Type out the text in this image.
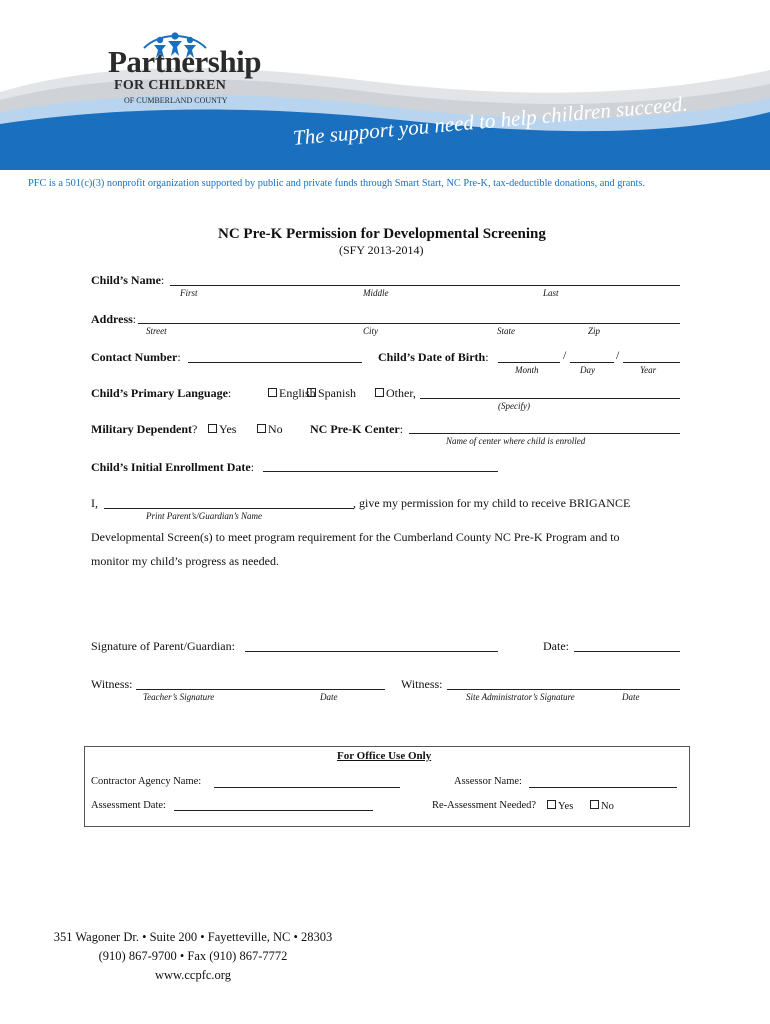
Partnership
FOR CHILDREN
OF CUMBERLAND COUNTY	The support you need to help children succeed.
PFC is a 501(c)(3) nonprofit organization supported by public and private funds through Smart Start, NC Pre-K, tax-deductible donations, and grants.
NC Pre-K Permission for Developmental Screening
(SFY 2013-2014)
Child’s Name:
First	Middle	Last
Address:
Street	City	State	Zip
Contact Number:	Child’s Date of Birth:	/	/
Month	Day	Year
Child’s Primary Language:	English Spanish	Other,
(Specify)
Military Dependent?	Yes	No NC Pre-K Center:
Name of center where child is enrolled
Child’s Initial Enrollment Date:
I,	, give my permission for my child to receive BRIGANCE
Print Parent’s/Guardian’s Name
Developmental Screen(s) to meet program requirement for the Cumberland County NC Pre-K Program and to
monitor my child’s progress as needed.
Signature of Parent/Guardian:	Date:
Witness:
Teacher’s Signature	Date
Witness:
Site Administrator’s Signature	Date
For Office Use Only
Contractor Agency Name:	Assessor Name:
Assessment Date:	Re-Assessment Needed?	Yes	No
351 Wagoner Dr. • Suite 200 • Fayetteville, NC • 28303
(910) 867-9700 • Fax (910) 867-7772
www.ccpfc.org
